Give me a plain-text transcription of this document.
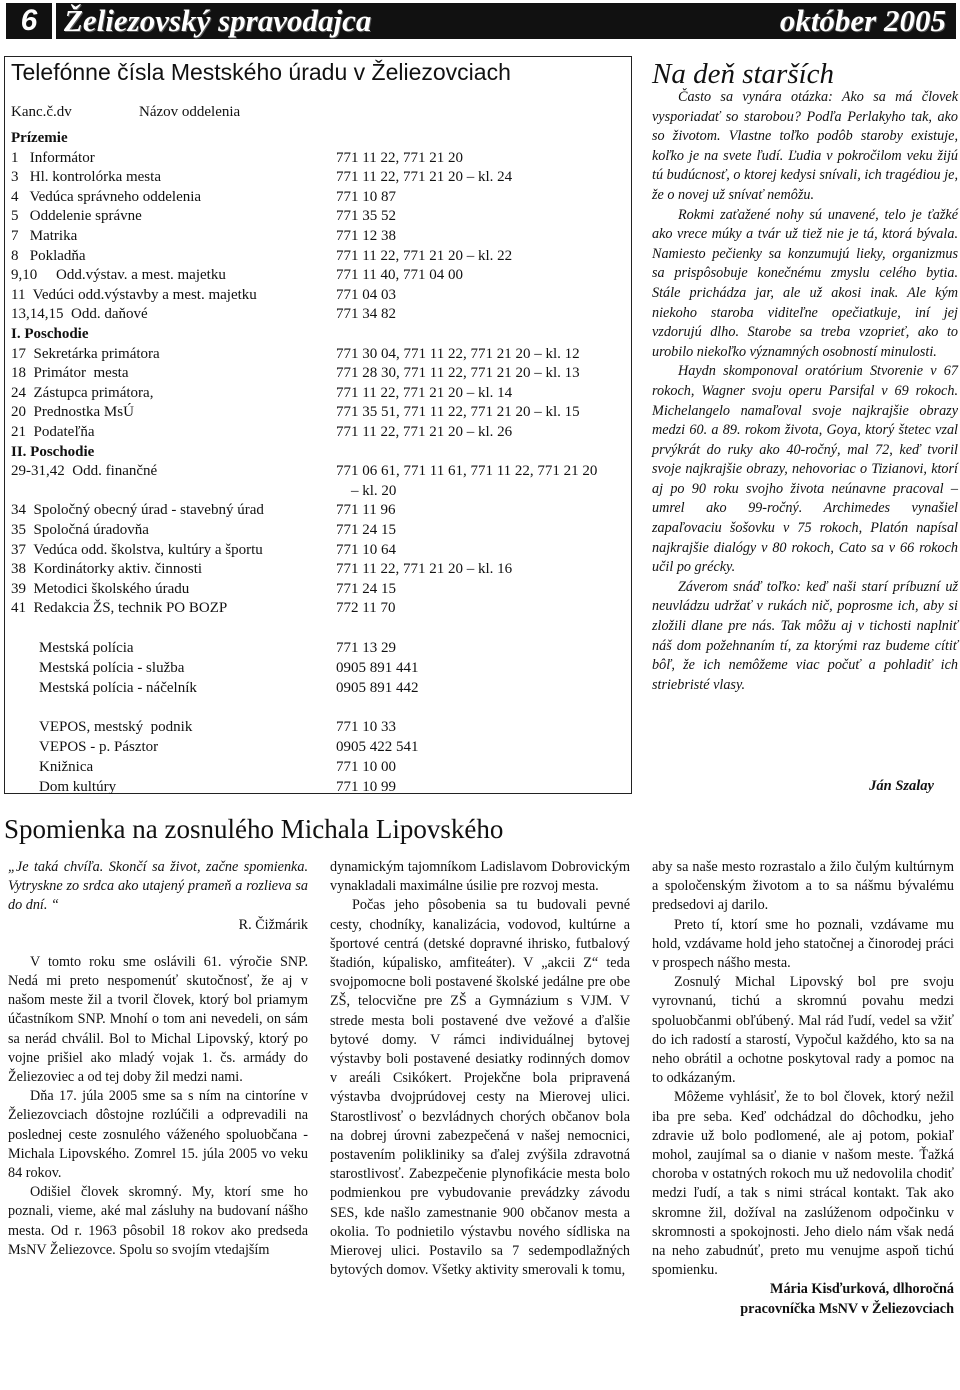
6 Želiezovský spravodajca	október 2005
Telefónne čísla Mestského úradu v Želiezovciach
Kanc.č.dv	Názov oddelenia
Prízemie
1   Informátor	771 11 22, 771 21 20
3   Hl. kontrolórka mesta	771 11 22, 771 21 20 – kl. 24
4   Vedúca správneho oddelenia	771 10 87
5   Oddelenie správne	771 35 52
7   Matrika	771 12 38
8   Pokladňa	771 11 22, 771 21 20 – kl. 22
9,10     Odd.výstav. a mest. majetku	771 11 40, 771 04 00
11  Vedúci odd.výstavby a mest. majetku	771 04 03
13,14,15  Odd. daňové	771 34 82
I. Poschodie
17  Sekretárka primátora	771 30 04, 771 11 22, 771 21 20 – kl. 12
18  Primátor  mesta	771 28 30, 771 11 22, 771 21 20 – kl. 13
24  Zástupca primátora,	771 11 22, 771 21 20 – kl. 14
20  Prednostka MsÚ	771 35 51, 771 11 22, 771 21 20 – kl. 15
21  Podateľňa	771 11 22, 771 21 20 – kl. 26
II. Poschodie
29-31,42  Odd. finančné	771 06 61, 771 11 61, 771 11 22, 771 21 20
– kl. 20
34  Spoločný obecný úrad - stavebný úrad	771 11 96
35  Spoločná úradovňa	771 24 15
37  Vedúca odd. školstva, kultúry a športu	771 10 64
38  Kordinátorky aktiv. činnosti	771 11 22, 771 21 20 – kl. 16
39  Metodici školského úradu	771 24 15
41  Redakcia ŽS, technik PO BOZP	772 11 70
Mestská polícia	771 13 29
Mestská polícia - služba	0905 891 441
Mestská polícia - náčelník	0905 891 442
VEPOS, mestský  podnik	771 10 33
VEPOS - p. Pásztor	0905 422 541
Knižnica	771 10 00
Dom kultúry	771 10 99
Na deň starších

Často sa vynára otázka: Ako sa má človek vysporiadať so starobou? Podľa Perlakyho tak, ako so životom. Vlastne toľko podôb staroby existuje, koľko je na svete ľudí. Ľudia v pokročilom veku žijú tú budúcnosť, o ktorej kedysi snívali, ich tragédiou je, že o novej už snívať nemôžu.

Rokmi zaťažené nohy sú unavené, telo je ťažké ako vrece múky a tvár už tiež nie je tá, ktorá bývala. Namiesto pečienky sa konzumujú lieky, organizmus sa prispôsobuje konečnému zmyslu celého bytia. Stále prichádza jar, ale už akosi inak. Ale kým niekoho staroba viditeľne opečiatkuje, iní jej vzdorujú dlho. Starobe sa treba vzoprieť, ako to urobilo niekoľko významných osobností minulosti.

Haydn skomponoval oratórium Stvorenie v 67 rokoch, Wagner svoju operu Parsifal v 69 rokoch. Michelangelo namaľoval svoje najkrajšie obrazy medzi 60. a 89. rokom života, Goya, ktorý štetec vzal prvýkrát do ruky ako 40-ročný, mal 72, keď tvoril svoje najkrajšie obrazy, nehovoriac o Tizianovi, ktorí aj po 90 roku svojho života neúnavne pracoval – umrel ako 99-ročný. Archimedes vynašiel zapaľovaciu šošovku v 75 rokoch, Platón napísal najkrajšie dialógy v 80 rokoch, Cato sa v 66 rokoch učil po grécky.

Záverom snáď toľko: keď naši starí príbuzní už neuvládzu udržať v rukách nič, poprosme ich, aby si zložili dlane pre nás. Tak môžu aj v tichosti naplniť náš dom požehnaním tí, za ktorými raz budeme cítiť bôľ, že ich nemôžeme viac počuť a pohladiť ich striebristé vlasy.

Ján Szalay
Spomienka na zosnulého Michala Lipovského

„Je taká chvíľa. Skončí sa život, začne spomienka. Vytryskne zo srdca ako utajený prameň a rozlieva sa do dní. “

R. Čižmárik

V tomto roku sme oslávili 61. výročie SNP. Nedá mi preto nespomenúť skutočnosť, že aj v našom meste žil a tvoril človek, ktorý bol priamym účastníkom SNP. Mnohí o tom ani nevedeli, on sám sa nerád chválil. Bol to Michal Lipovský, ktorý po vojne prišiel ako mladý vojak 1. čs. armády do Želiezoviec a od tej doby žil medzi nami.

Dňa 17. júla 2005 sme sa s ním na cintoríne v Želiezovciach dôstojne rozlúčili a odprevadili na poslednej ceste zosnulého váženého spoluobčana - Michala Lipovského. Zomrel 15. júla 2005 vo veku 84 rokov.

Odišiel človek skromný. My, ktorí sme ho poznali, vieme, aké mal zásluhy na budovaní nášho mesta. Od r. 1963 pôsobil 18 rokov ako predseda MsNV Želiezovce. Spolu so svojím vtedajším

dynamickým tajomníkom Ladislavom Dobrovickým vynakladali maximálne úsilie pre rozvoj mesta.

Počas jeho pôsobenia sa tu budovali pevné cesty, chodníky, kanalizácia, vodovod, kultúrne a športové centrá (detské dopravné ihrisko, futbalový štadión, kúpalisko, amfiteáter). V „akcii Z“ teda svojpomocne boli postavené školské jedálne pre obe ZŠ, telocvične pre ZŠ a Gymnázium s VJM. V strede mesta boli postavené dve vežové a ďalšie bytové domy. V rámci individuálnej bytovej výstavby boli postavené desiatky rodinných domov v areáli Csikókert. Projekčne bola pripravená výstavba dvojprúdovej cesty na Mierovej ulici. Starostlivosť o bezvládnych chorých občanov bola na dobrej úrovni zabezpečená v našej nemocnici, postavením polikliniky sa ďalej zvýšila zdravotná starostlivosť. Zabezpečenie plynofikácie mesta bolo podmienkou pre vybudovanie prevádzky závodu SES, kde našlo zamestnanie 900 občanov mesta a okolia. To podnietilo výstavbu nového sídliska na Mierovej ulici. Postavilo sa 7 sedempodlažných bytových domov. Všetky aktivity smerovali k tomu,

aby sa naše mesto rozrastalo a žilo čulým kultúrnym a spoločenským životom a to sa nášmu bývalému predsedovi aj darilo.

Preto tí, ktorí sme ho poznali, vzdávame mu hold, vzdávame hold jeho statočnej a činorodej práci v prospech nášho mesta.

Zosnulý Michal Lipovský bol pre svoju vyrovnanú, tichú a skromnú povahu medzi spoluobčanmi obľúbený. Mal rád ľudí, vedel sa vžiť do ich radostí a starostí, Vypočul každého, kto sa na neho obrátil a ochotne poskytoval rady a pomoc na to odkázaným.

Môžeme vyhlásiť, že to bol človek, ktorý nežil iba pre seba. Keď odchádzal do dôchodku, jeho zdravie už bolo podlomené, ale aj potom, pokiaľ mohol, zaujímal sa o dianie v našom meste. Ťažká choroba v ostatných rokoch mu už nedovolila chodiť medzi ľudí, a tak s nimi strácal kontakt. Tak ako skromne žil, dožíval na zaslúženom odpočinku v skromnosti a spokojnosti. Jeho dielo nám však nedá na neho zabudnúť, preto mu venujme aspoň tichú spomienku.

Mária Kisďurková, dlhoročná

pracovníčka MsNV v Želiezovciach
